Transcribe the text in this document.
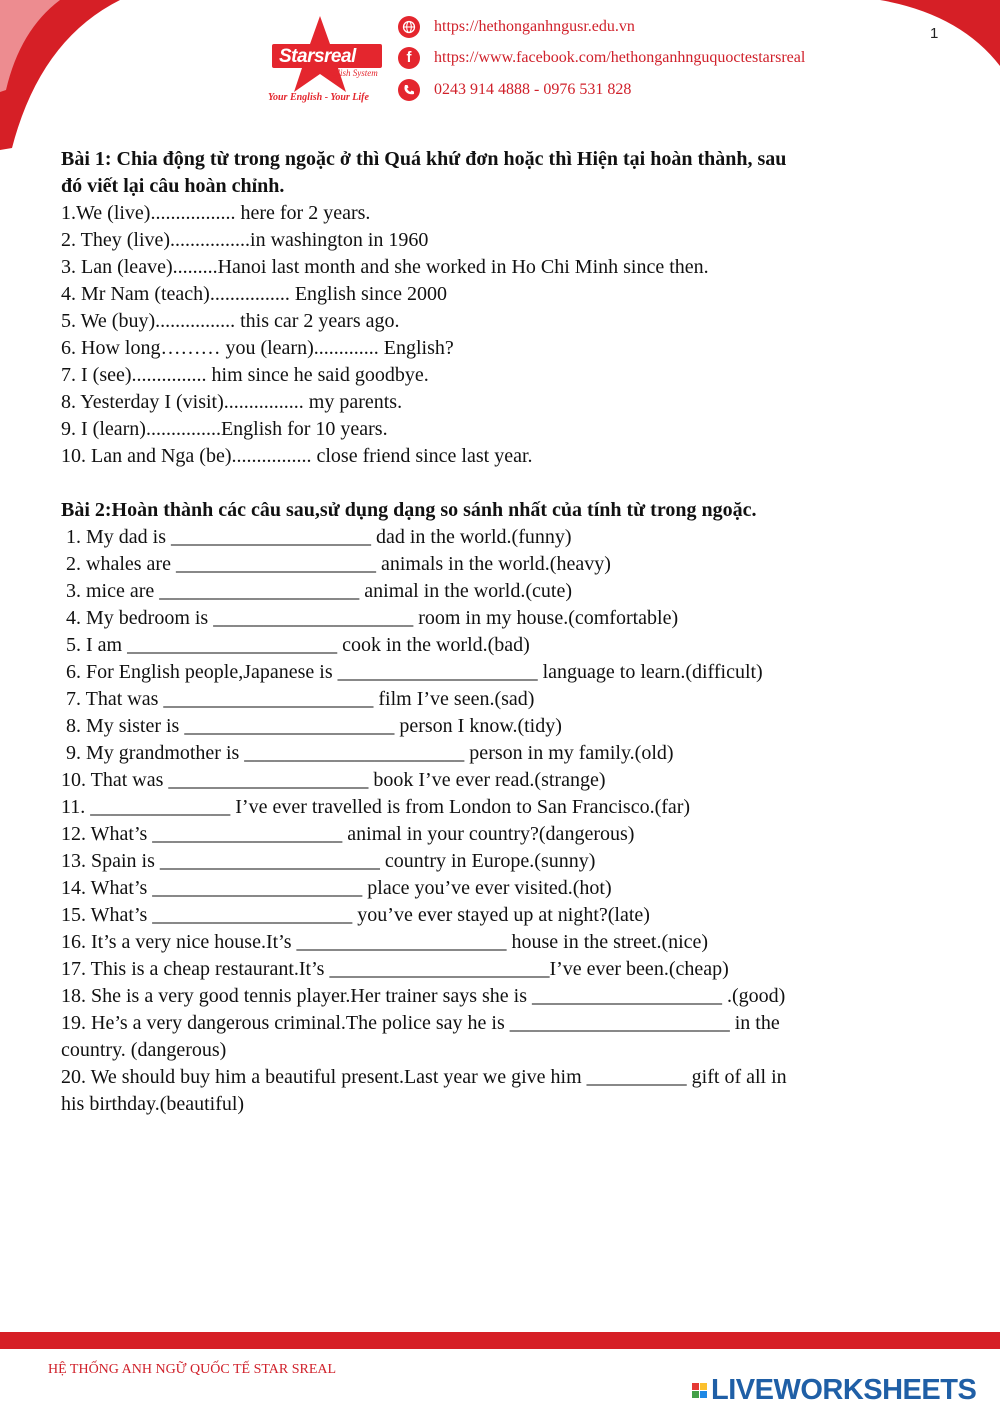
1
Starsreal
English System
Your English - Your Life
https://hethonganhngusr.edu.vn
f https://www.facebook.com/hethonganhnguquoctestarsreal
0243 914 4888 - 0976 531 828
Bài 1: Chia động từ trong ngoặc ở thì Quá khứ đơn hoặc thì Hiện tại hoàn thành, sau
đó viết lại câu hoàn chỉnh.
1.We (live)................. here for 2 years.
2. They (live)................in washington in 1960
3. Lan (leave).........Hanoi last month and she worked in Ho Chi Minh since then.
4. Mr Nam (teach)................ English since 2000
5. We (buy)................ this car 2 years ago.
6. How long……… you (learn)............. English?
7. I (see)............... him since he said goodbye.
8. Yesterday I (visit)................ my parents.
9. I (learn)...............English for 10 years.
10. Lan and Nga (be)................ close friend since last year.
Bài 2:Hoàn thành các câu sau,sử dụng dạng so sánh nhất của tính từ trong ngoặc.
1. My dad is ____________________ dad in the world.(funny)
2. whales are ____________________ animals in the world.(heavy)
3. mice are ____________________ animal in the world.(cute)
4. My bedroom is ____________________ room in my house.(comfortable)
5. I am _____________________ cook in the world.(bad)
6. For English people,Japanese is ____________________ language to learn.(difficult)
7. That was _____________________ film I’ve seen.(sad)
8. My sister is _____________________ person I know.(tidy)
9. My grandmother is ______________________ person in my family.(old)
10. That was ____________________ book I’ve ever read.(strange)
11. ______________ I’ve ever travelled is from London to San Francisco.(far)
12. What’s ___________________ animal in your country?(dangerous)
13. Spain is ______________________ country in Europe.(sunny)
14. What’s _____________________ place you’ve ever visited.(hot)
15. What’s ____________________ you’ve ever stayed up at night?(late)
16. It’s a very nice house.It’s _____________________ house in the street.(nice)
17. This is a cheap restaurant.It’s ______________________I’ve ever been.(cheap)
18. She is a very good tennis player.Her trainer says she is ___________________ .(good)
19. He’s a very dangerous criminal.The police say he is ______________________ in the
country. (dangerous)
20. We should buy him a beautiful present.Last year we give him __________ gift of all in
his birthday.(beautiful)
HỆ THỐNG ANH NGỮ QUỐC TẾ STAR SREAL
LIVEWORKSHEETS
